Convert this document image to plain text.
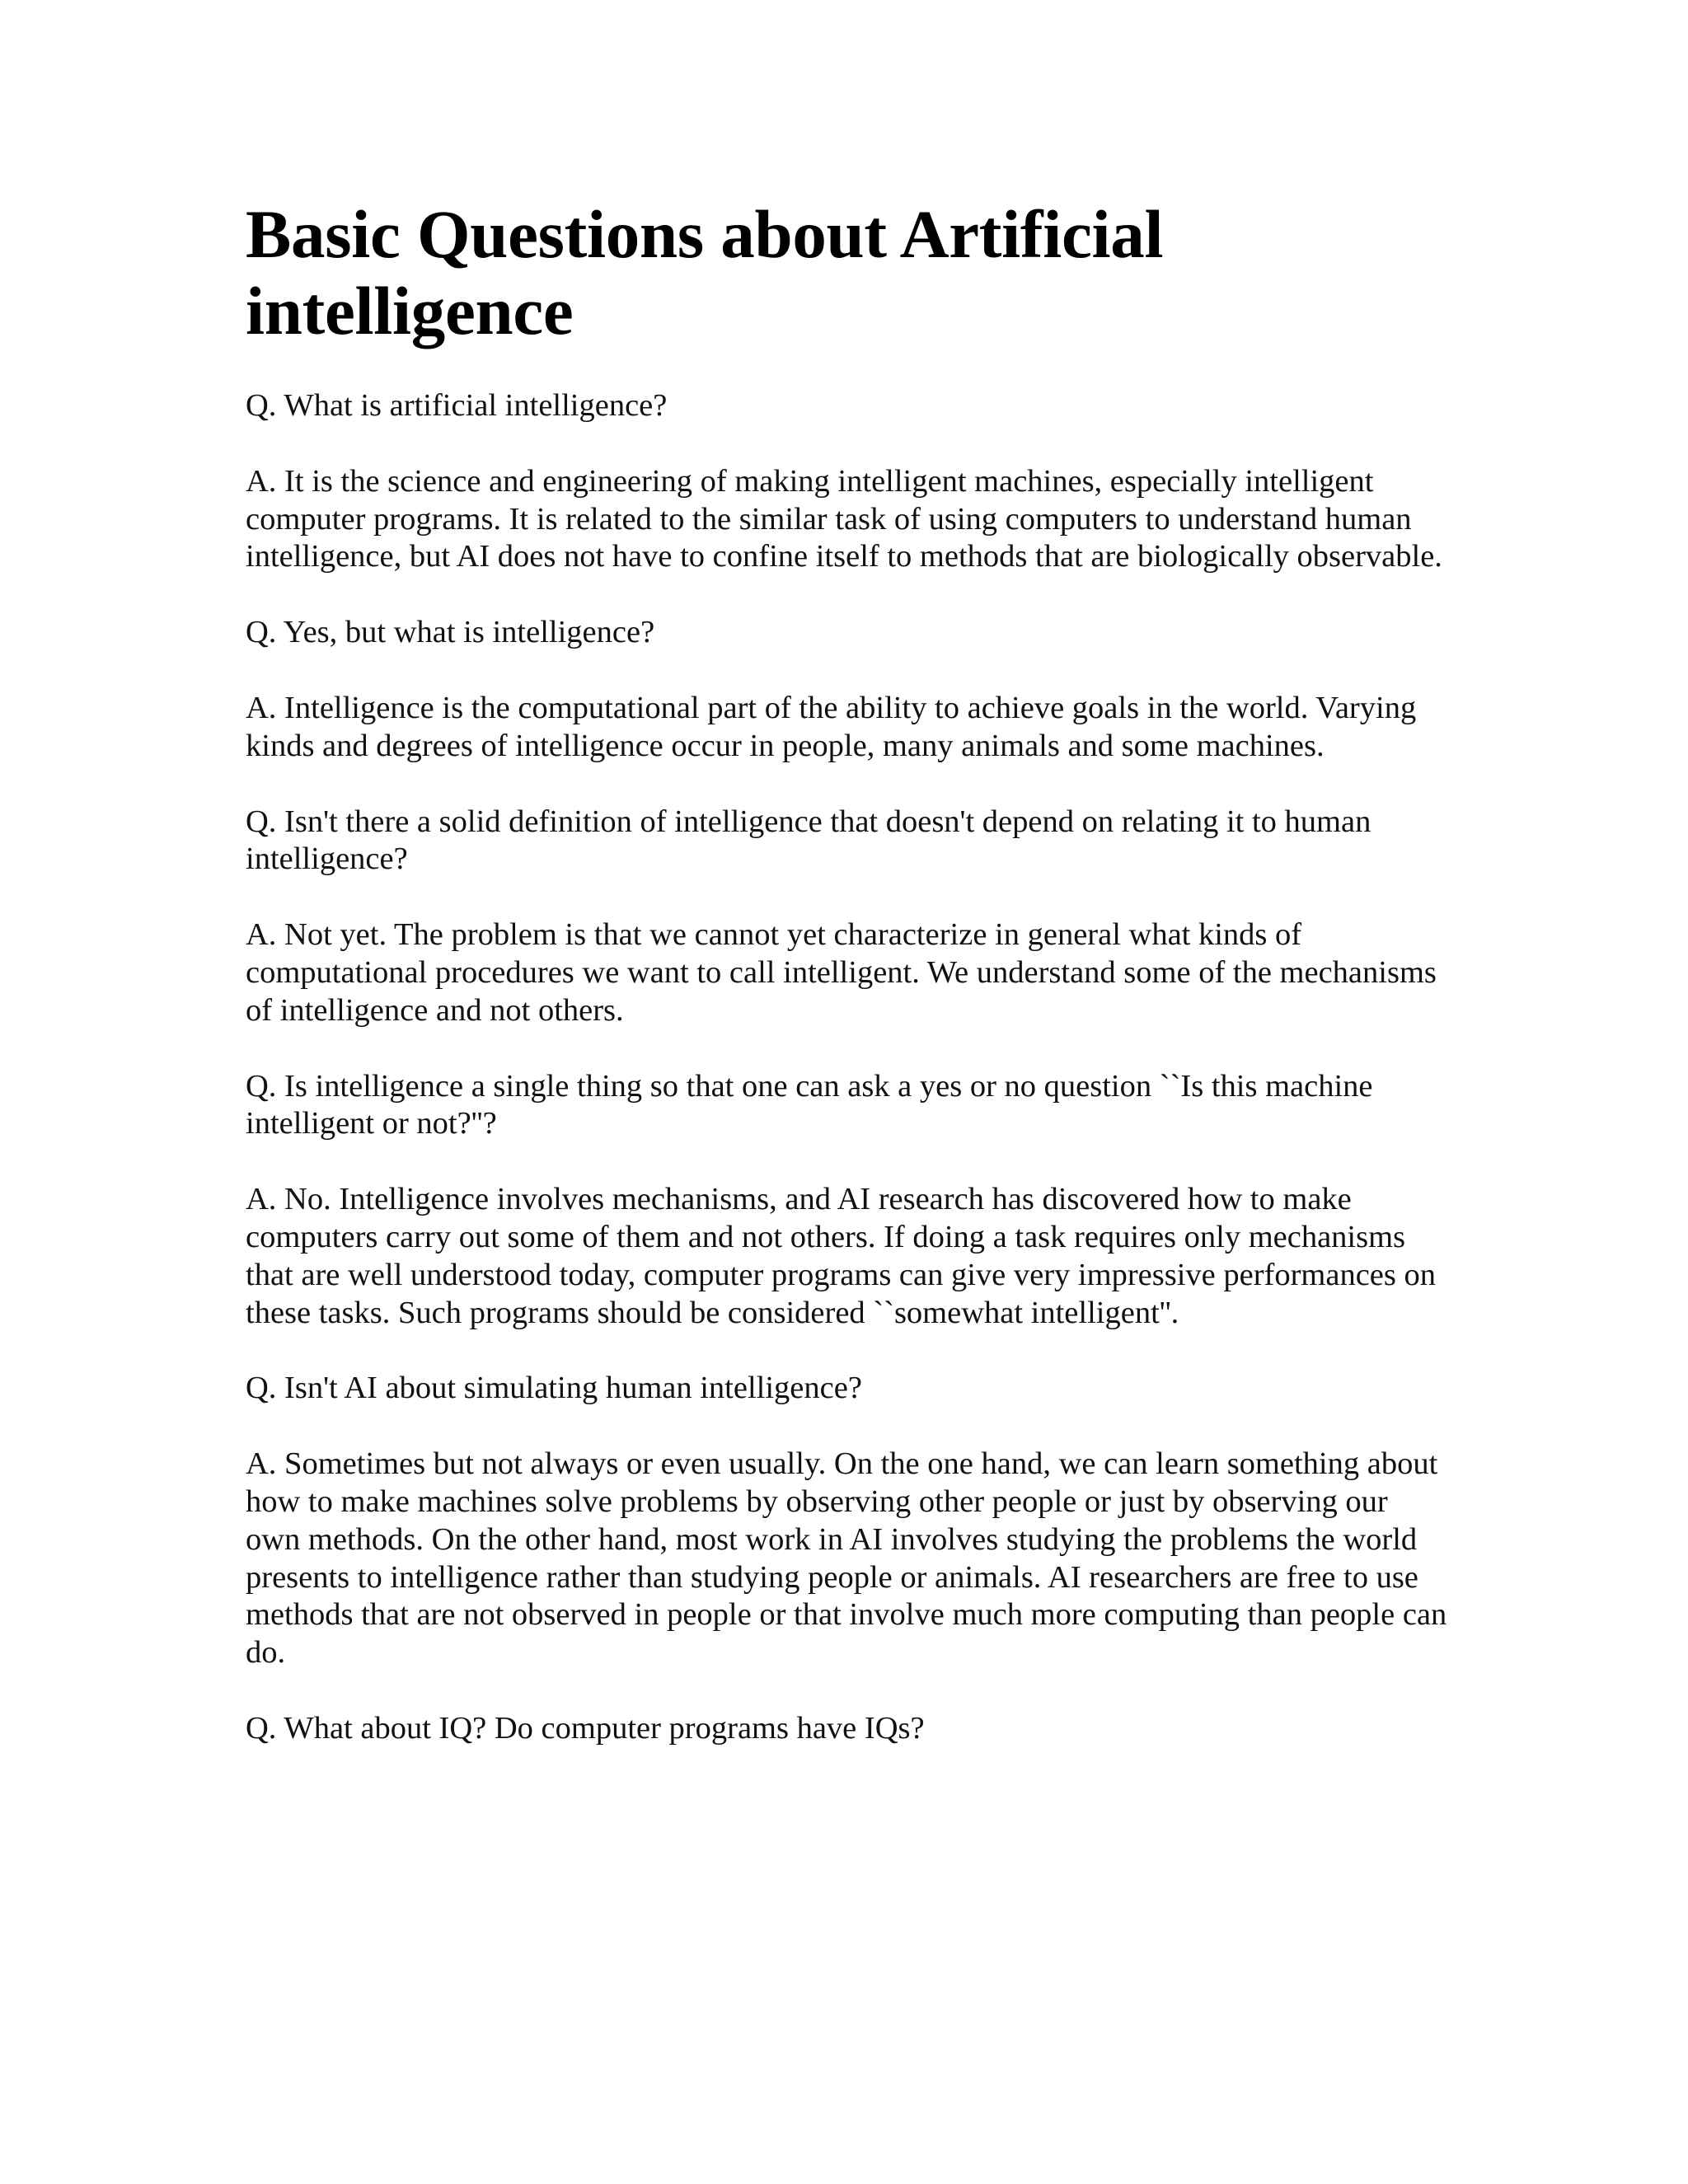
Basic Questions about Artificial intelligence

Q. What is artificial intelligence?

A. It is the science and engineering of making intelligent machines, especially intelligent computer programs. It is related to the similar task of using computers to understand human intelligence, but AI does not have to confine itself to methods that are biologically observable.

Q. Yes, but what is intelligence?

A. Intelligence is the computational part of the ability to achieve goals in the world. Varying kinds and degrees of intelligence occur in people, many animals and some machines.

Q. Isn't there a solid definition of intelligence that doesn't depend on relating it to human intelligence?

A. Not yet. The problem is that we cannot yet characterize in general what kinds of computational procedures we want to call intelligent. We understand some of the mechanisms of intelligence and not others.

Q. Is intelligence a single thing so that one can ask a yes or no question ``Is this machine intelligent or not?''?

A. No. Intelligence involves mechanisms, and AI research has discovered how to make computers carry out some of them and not others. If doing a task requires only mechanisms that are well understood today, computer programs can give very impressive performances on these tasks. Such programs should be considered ``somewhat intelligent''.

Q. Isn't AI about simulating human intelligence?

A. Sometimes but not always or even usually. On the one hand, we can learn something about how to make machines solve problems by observing other people or just by observing our own methods. On the other hand, most work in AI involves studying the problems the world presents to intelligence rather than studying people or animals. AI researchers are free to use methods that are not observed in people or that involve much more computing than people can do.

Q. What about IQ? Do computer programs have IQs?
